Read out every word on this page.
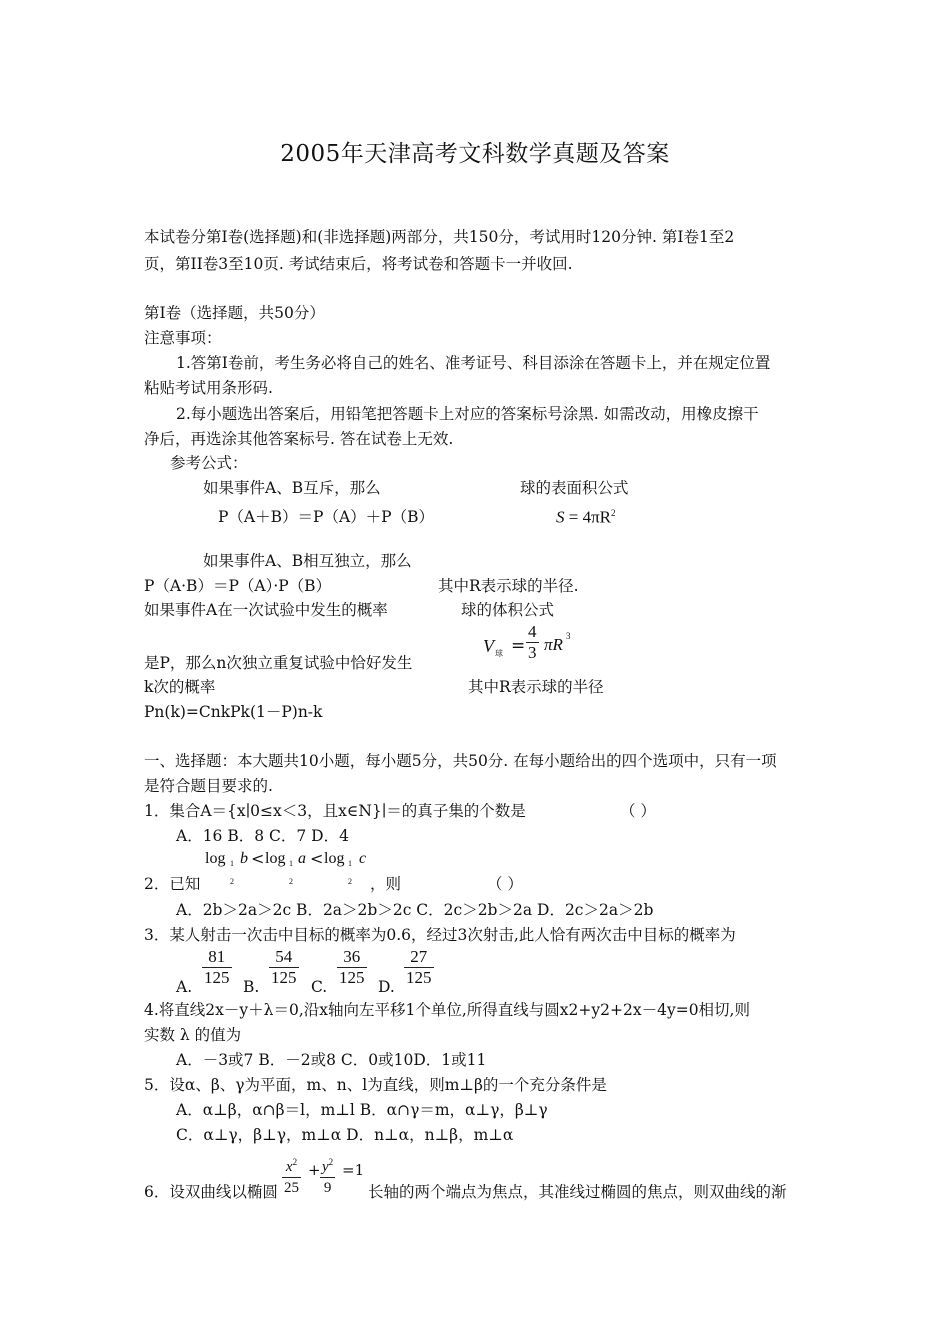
2005年天津高考文科数学真题及答案
本试卷分第Ⅰ卷(选择题)和(非选择题)两部分，共150分，考试用时120分钟. 第Ⅰ卷1至2
页，第II卷3至10页. 考试结束后，将考试卷和答题卡一并收回.
第Ⅰ卷（选择题，共50分）
注意事项：
1.答第Ⅰ卷前，考生务必将自己的姓名、准考证号、科目添涂在答题卡上，并在规定位置
粘贴考试用条形码.
2.每小题选出答案后，用铅笔把答题卡上对应的答案标号涂黑. 如需改动，用橡皮擦干
净后，再选涂其他答案标号. 答在试卷上无效.
参考公式：
如果事件A、B互斥，那么	球的表面积公式
P（A＋B）＝P（A）＋P（B）	$S = 4\pi R^2$
如果事件A、B相互独立，那么
P（A·B）＝P（A）·P（B）	其中R表示球的半径.
如果事件A在一次试验中发生的概率	球的体积公式
V 球 = $\frac{4}{3}$ πR 3
是P，那么n次独立重复试验中恰好发生
k次的概率	其中R表示球的半径
Pn(k)=CnkPk(1－P)n-k
一、选择题：本大题共10小题，每小题5分，共50分. 在每小题给出的四个选项中，只有一项
是符合题目要求的.
1．集合A＝{x∣0≤x＜3，且x∈N}∣＝的真子集的个数是	（ ）
A．16 B．8 C．7 D．4
log 1
2
b < log 1
2
a < log 1
2
c
2．已知	，则	（ ）
A．2b＞2a＞2c B．2a＞2b＞2c C．2c＞2b＞2a D．2c＞2a＞2b
3．某人射击一次击中目标的概率为0.6，经过3次射击,此人恰有两次击中目标的概率为
A. $\frac{81}{125} B$. $\frac{54}{125} C$. $\frac{36}{125} D$. $\frac{27}{125}$
4.将直线2x－y＋λ＝0,沿x轴向左平移1个单位,所得直线与圆x2+y2+2x－4y=0相切,则
实数 λ 的值为
A．－3或7 B．－2或8 C．0或10D．1或11
5．设α、β、γ为平面，m、n、l为直线，则m⊥β的一个充分条件是
A．α⊥β，α∩β＝l，m⊥l B．α∩γ＝m，α⊥γ，β⊥γ
C．α⊥γ，β⊥γ，m⊥α D．n⊥α，n⊥β，m⊥α
$\frac{x^2}{25} + \frac{y^2}{9} =1$
6．设双曲线以椭圆	长轴的两个端点为焦点，其准线过椭圆的焦点，则双曲线的渐
